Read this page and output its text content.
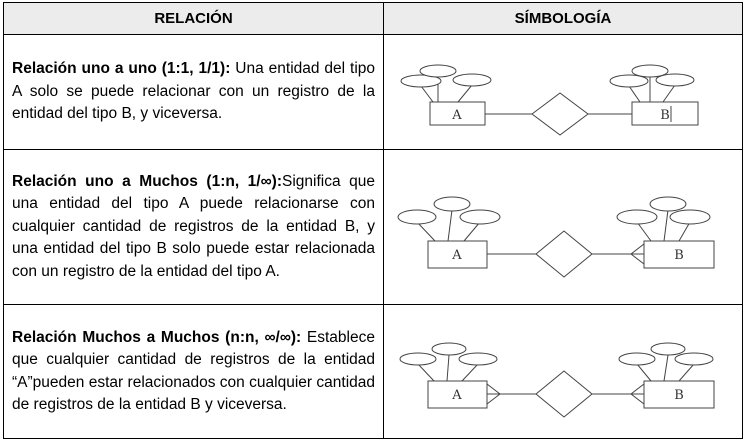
RELACIÓN	SÍMBOLOGÍA
Relación uno a uno (1:1, 1/1): Una entidad del tipo A solo se puede relacionar con un registro de la entidad del tipo B, y viceversa.	A B

Relación uno a Muchos (1:n, 1/∞):Significa que una entidad del tipo A puede relacionarse con cualquier cantidad de registros de la entidad B, y una entidad del tipo B solo puede estar relacionada con un registro de la entidad del tipo A.	A B

Relación Muchos a Muchos (n:n, ∞/∞): Establece que cualquier cantidad de registros de la entidad “A”pueden estar relacionados con cualquier cantidad de registros de la entidad B y viceversa.	A B
